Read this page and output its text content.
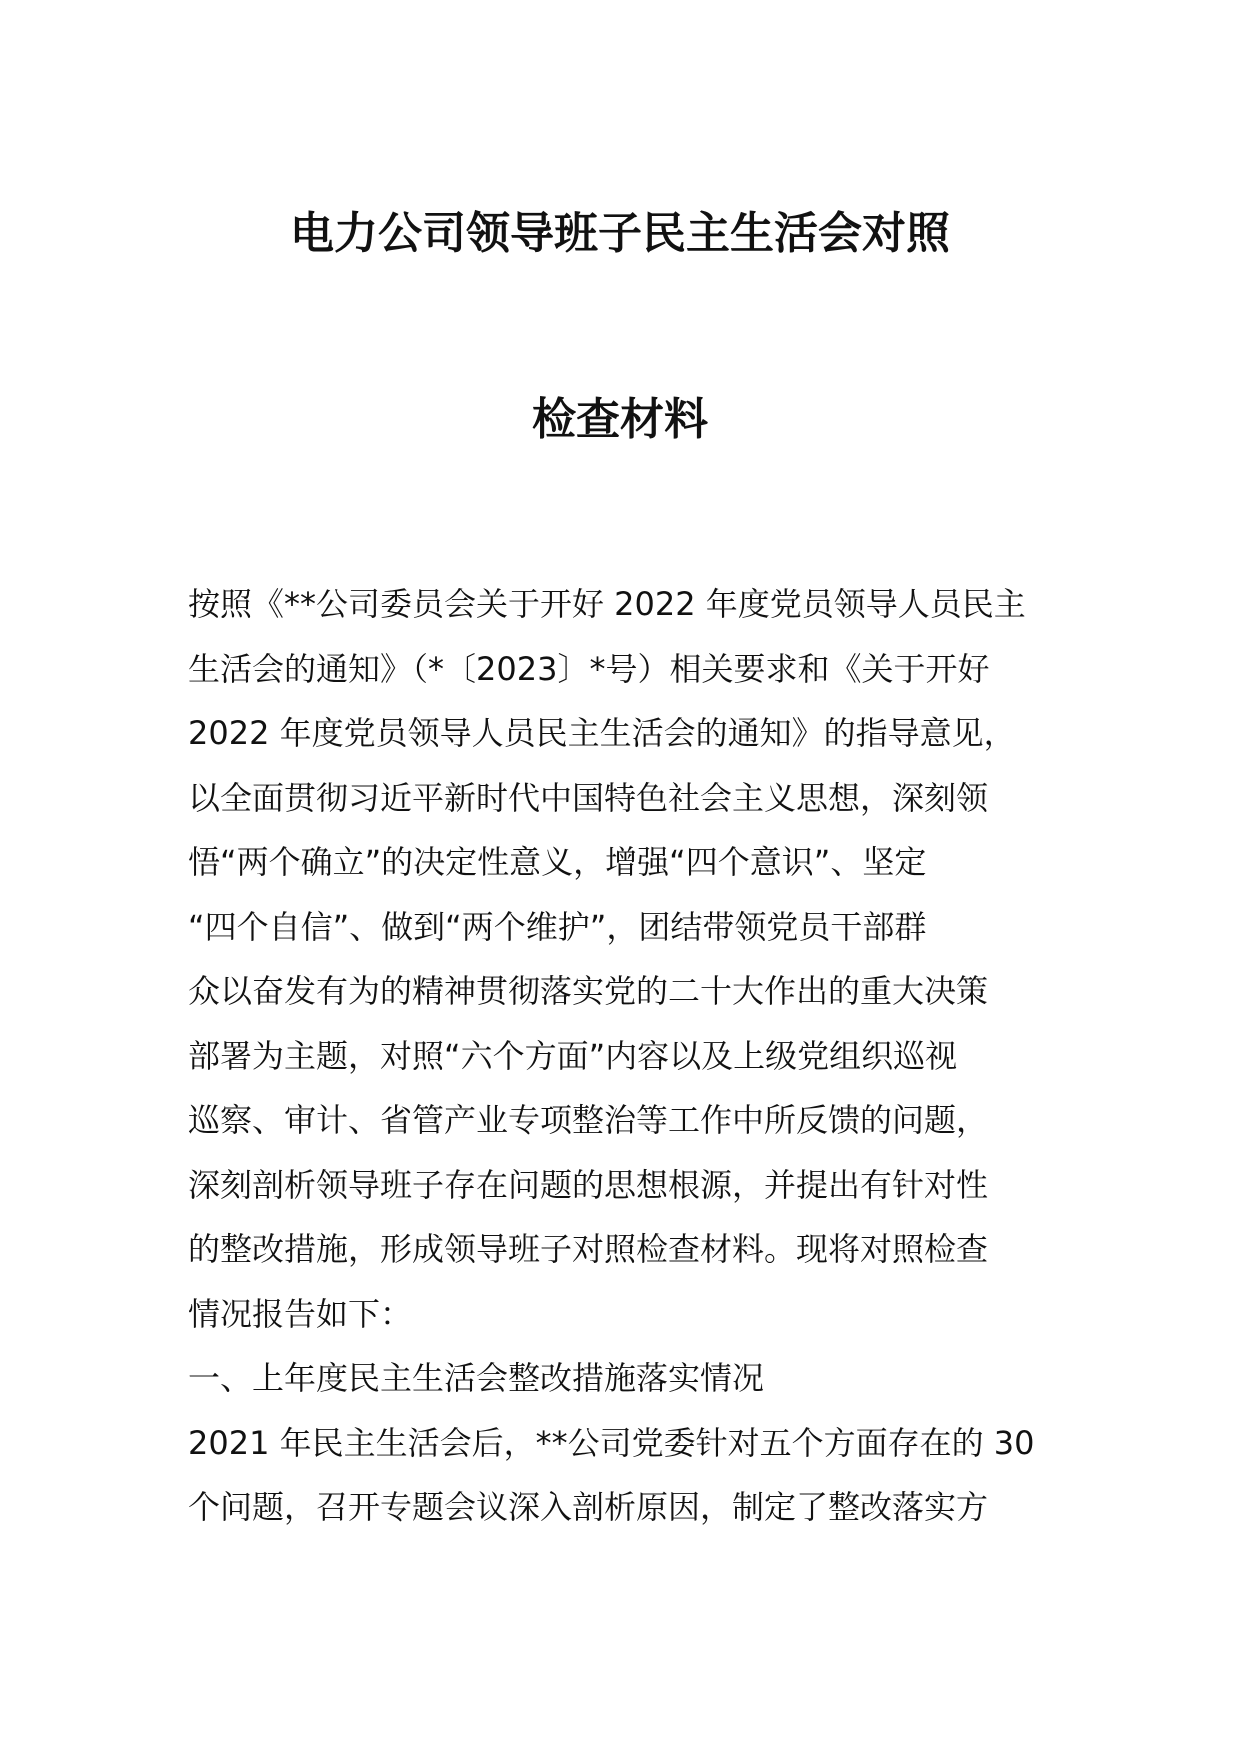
电力公司领导班子民主生活会对照
检查材料
按照《**公司委员会关于开好 2022 年度党员领导人员民主
生活会的通知》（*〔2023〕*号）相关要求和《关于开好
2022 年度党员领导人员民主生活会的通知》的指导意见，
以全面贯彻习近平新时代中国特色社会主义思想，深刻领
悟“两个确立”的决定性意义，增强“四个意识”、坚定
“四个自信”、做到“两个维护”，团结带领党员干部群
众以奋发有为的精神贯彻落实党的二十大作出的重大决策
部署为主题，对照“六个方面”内容以及上级党组织巡视
巡察、审计、省管产业专项整治等工作中所反馈的问题，
深刻剖析领导班子存在问题的思想根源，并提出有针对性
的整改措施，形成领导班子对照检查材料。现将对照检查
情况报告如下：
一、上年度民主生活会整改措施落实情况
2021 年民主生活会后，**公司党委针对五个方面存在的 30
个问题，召开专题会议深入剖析原因，制定了整改落实方
